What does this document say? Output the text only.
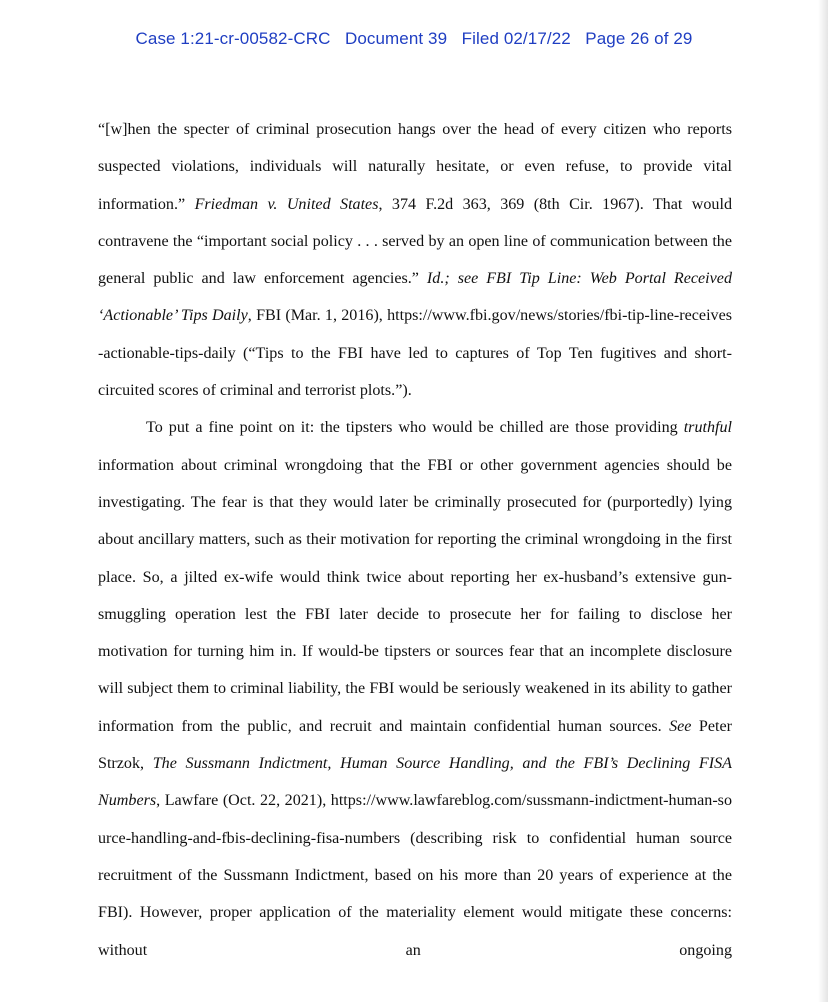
Case 1:21-cr-00582-CRC Document 39 Filed 02/17/22 Page 26 of 29

“[w]hen the specter of criminal prosecution hangs over the head of every citizen who reports suspected violations, individuals will naturally hesitate, or even refuse, to provide vital information.” Friedman v. United States, 374 F.2d 363, 369 (8th Cir. 1967). That would contravene the “important social policy . . . served by an open line of communication between the general public and law enforcement agencies.” Id.; see FBI Tip Line: Web Portal Received ‘Actionable’ Tips Daily, FBI (Mar. 1, 2016), https://www.fbi.gov/news/stories/fbi-tip-line-receives-actionable-tips-daily (“Tips to the FBI have led to captures of Top Ten fugitives and short-circuited scores of criminal and terrorist plots.”).

To put a fine point on it: the tipsters who would be chilled are those providing truthful information about criminal wrongdoing that the FBI or other government agencies should be investigating. The fear is that they would later be criminally prosecuted for (purportedly) lying about ancillary matters, such as their motivation for reporting the criminal wrongdoing in the first place. So, a jilted ex-wife would think twice about reporting her ex-husband’s extensive gun-smuggling operation lest the FBI later decide to prosecute her for failing to disclose her motivation for turning him in. If would-be tipsters or sources fear that an incomplete disclosure will subject them to criminal liability, the FBI would be seriously weakened in its ability to gather information from the public, and recruit and maintain confidential human sources. See Peter Strzok, The Sussmann Indictment, Human Source Handling, and the FBI’s Declining FISA Numbers, Lawfare (Oct. 22, 2021), https://www.lawfareblog.com/sussmann-indictment-human-source-handling-and-fbis-declining-fisa-numbers (describing risk to confidential human source recruitment of the Sussmann Indictment, based on his more than 20 years of experience at the FBI). However, proper application of the materiality element would mitigate these concerns: without an ongoing
